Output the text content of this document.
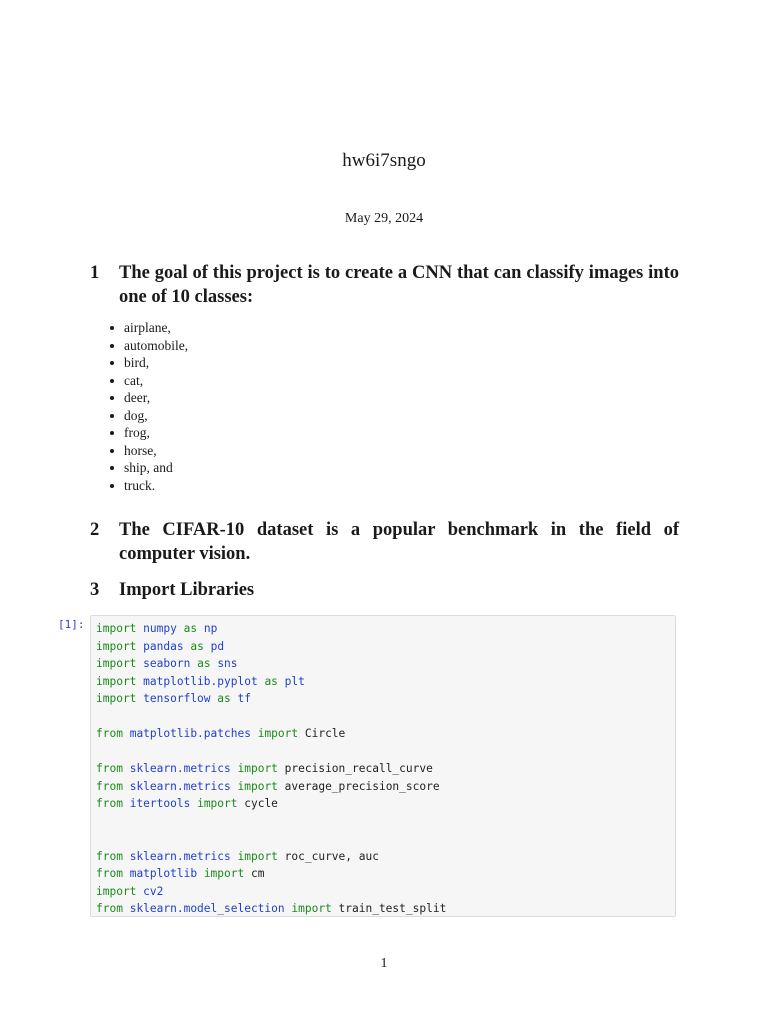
hw6i7sngo
May 29, 2024
1 The goal of this project is to create a CNN that can classify images into one of 10 classes:
airplane,
automobile,
bird,
cat,
deer,
dog,
frog,
horse,
ship, and
truck.
2 The CIFAR-10 dataset is a popular benchmark in the field of computer vision.
3 Import Libraries
[1]: import numpy as np
import pandas as pd
import seaborn as sns
import matplotlib.pyplot as plt
import tensorflow as tf
from matplotlib.patches import Circle
from sklearn.metrics import precision_recall_curve
from sklearn.metrics import average_precision_score
from itertools import cycle
from sklearn.metrics import roc_curve, auc
from matplotlib import cm
import cv2
from sklearn.model_selection import train_test_split
1
